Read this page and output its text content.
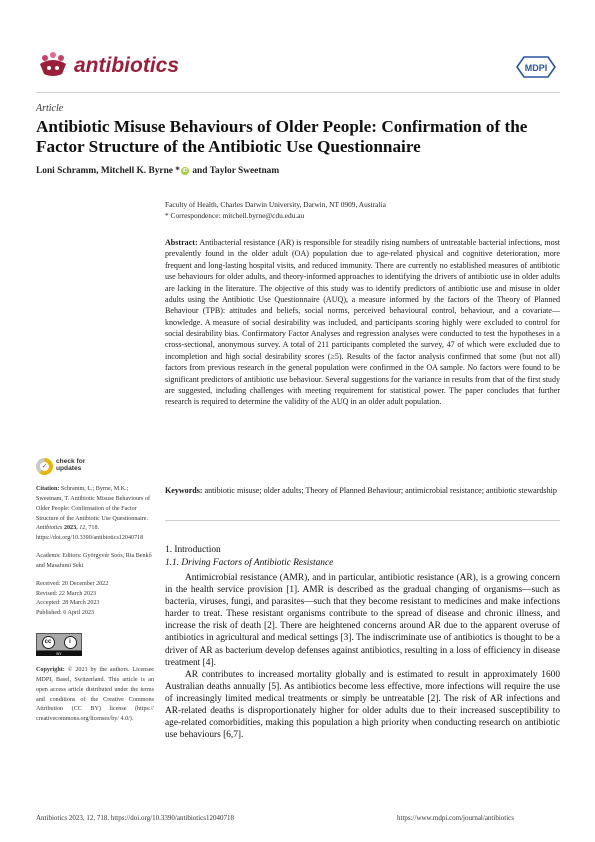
antibiotics	MDPI
Article
Antibiotic Misuse Behaviours of Older People: Confirmation of the Factor Structure of the Antibiotic Use Questionnaire
Loni Schramm, Mitchell K. Byrne * iD and Taylor Sweetnam
Faculty of Health, Charles Darwin University, Darwin, NT 0909, Australia
* Correspondence: mitchell.byrne@cdu.edu.au
Abstract: Antibacterial resistance (AR) is responsible for steadily rising numbers of untreatable bacterial infections, most prevalently found in the older adult (OA) population due to age-related physical and cognitive deterioration, more frequent and long-lasting hospital visits, and reduced immunity. There are currently no established measures of antibiotic use behaviours for older adults, and theory-informed approaches to identifying the drivers of antibiotic use in older adults are lacking in the literature. The objective of this study was to identify predictors of antibiotic use and misuse in older adults using the Antibiotic Use Questionnaire (AUQ), a measure informed by the factors of the Theory of Planned Behaviour (TPB): attitudes and beliefs, social norms, perceived behavioural control, behaviour, and a covariate—knowledge. A measure of social desirability was included, and participants scoring highly were excluded to control for social desirability bias. Confirmatory Factor Analyses and regression analyses were conducted to test the hypotheses in a cross-sectional, anonymous survey. A total of 211 participants completed the survey, 47 of which were excluded due to incompletion and high social desirability scores (≥5). Results of the factor analysis confirmed that some (but not all) factors from previous research in the general population were confirmed in the OA sample. No factors were found to be significant predictors of antibiotic use behaviour. Several suggestions for the variance in results from that of the first study are suggested, including challenges with meeting requirement for statistical power. The paper concludes that further research is required to determine the validity of the AUQ in an older adult population.
Keywords: antibiotic misuse; older adults; Theory of Planned Behaviour; antimicrobial resistance; antibiotic stewardship
✓
check for
updates

Citation: Schramm, L.; Byrne, M.K.; Sweetnam, T. Antibiotic Misuse Behaviours of Older People: Confirmation of the Factor Structure of the Antibiotic Use Questionnaire. Antibiotics 2023, 12, 718. https://doi.org/10.3390/antibiotics12040718

Academic Editors: Györgyvér Soós, Ria Benkő and Masafumi Seki

Received: 20 December 2022

Revised: 22 March 2023

Accepted: 28 March 2023

Published: 6 April 2023

cc	i
BY

Copyright: © 2023 by the authors. Licensee MDPI, Basel, Switzerland. This article is an open access article distributed under the terms and conditions of the Creative Commons Attribution (CC BY) license (https:// creativecommons.org/licenses/by/ 4.0/).

1. Introduction
1.1. Driving Factors of Antibiotic Resistance

Antimicrobial resistance (AMR), and in particular, antibiotic resistance (AR), is a growing concern in the health service provision [1]. AMR is described as the gradual changing of organisms—such as bacteria, viruses, fungi, and parasites—such that they become resistant to medicines and make infections harder to treat. These resistant organisms contribute to the spread of disease and chronic illness, and increase the risk of death [2]. There are heightened concerns around AR due to the apparent overuse of antibiotics in agricultural and medical settings [3]. The indiscriminate use of antibiotics is thought to be a driver of AR as bacterium develop defenses against antibiotics, resulting in a loss of efficiency in disease treatment [4].

AR contributes to increased mortality globally and is estimated to result in approximately 1600 Australian deaths annually [5]. As antibiotics become less effective, more infections will require the use of increasingly limited medical treatments or simply be untreatable [2]. The risk of AR infections and AR-related deaths is disproportionately higher for older adults due to their increased susceptibility to age-related comorbidities, making this population a high priority when conducting research on antibiotic use behaviours [6,7].

Antibiotics 2023, 12, 718. https://doi.org/10.3390/antibiotics12040718	https://www.mdpi.com/journal/antibiotics
